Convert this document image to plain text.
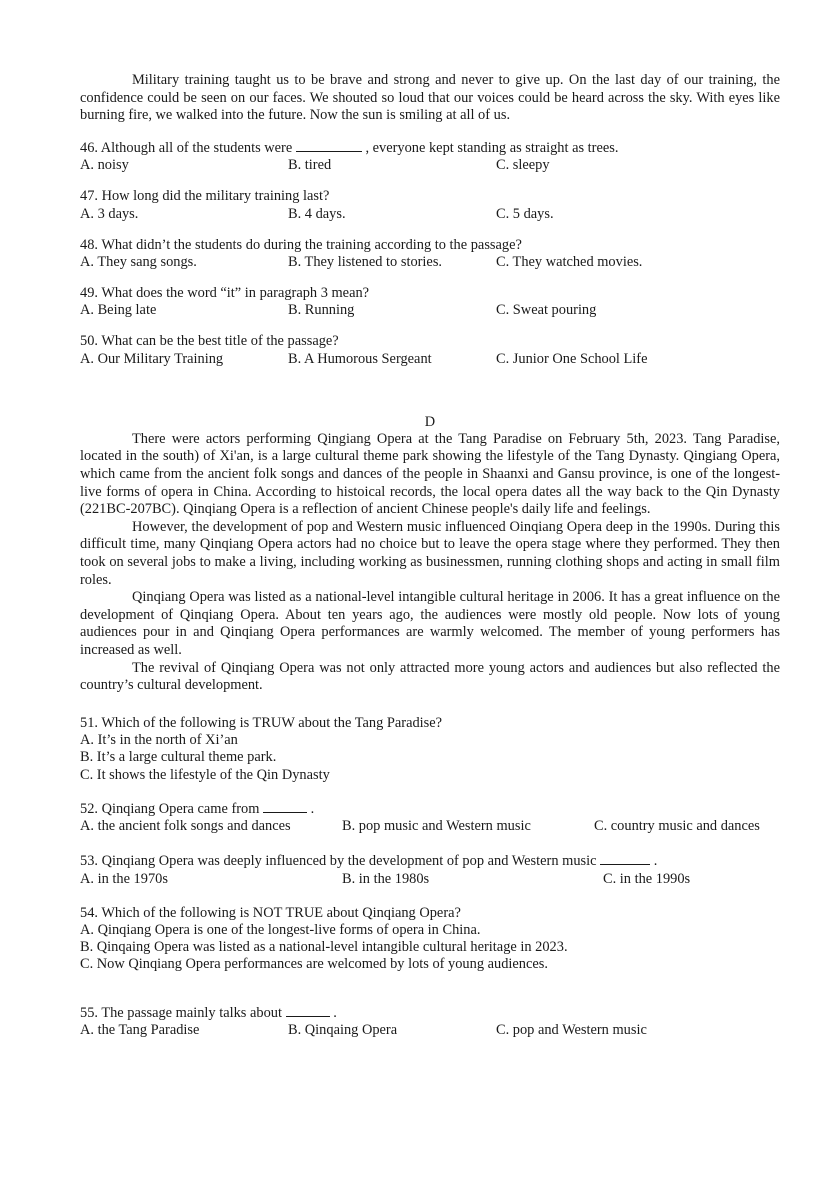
Military training taught us to be brave and strong and never to give up. On the last day of our training, the confidence could be seen on our faces. We shouted so loud that our voices could be heard across the sky. With eyes like burning fire, we walked into the future. Now the sun is smiling at all of us.

46. Although all of the students were	, everyone kept standing as straight as trees.
A. noisy	B. tired	C. sleepy
47. How long did the military training last?
A. 3 days.	B. 4 days.	C. 5 days.
48. What didn’t the students do during the training according to the passage?
A. They sang songs.	B. They listened to stories.	C. They watched movies.
49. What does the word “it” in paragraph 3 mean?
A. Being late	B. Running	C. Sweat pouring
50. What can be the best title of the passage?
A. Our Military Training	B. A Humorous Sergeant	C. Junior One School Life
D

There were actors performing Qingiang Opera at the Tang Paradise on February 5th, 2023. Tang Paradise, located in the south) of Xi'an, is a large cultural theme park showing the lifestyle of the Tang Dynasty. Qingiang Opera, which came from the ancient folk songs and dances of the people in Shaanxi and Gansu province, is one of the longest-live forms of opera in China. According to histoical records, the local opera dates all the way back to the Qin Dynasty (221BC-207BC). Qinqiang Opera is a reflection of ancient Chinese people's daily life and feelings.

However, the development of pop and Western music influenced Oinqiang Opera deep in the 1990s. During this difficult time, many Qinqiang Opera actors had no choice but to leave the opera stage where they performed. They then took on several jobs to make a living, including working as businessmen, running clothing shops and acting in small film roles.

Qinqiang Opera was listed as a national-level intangible cultural heritage in 2006. It has a great influence on the development of Qinqiang Opera. About ten years ago, the audiences were mostly old people. Now lots of young audiences pour in and Qinqiang Opera performances are warmly welcomed. The member of young performers has increased as well.

The revival of Qinqiang Opera was not only attracted more young actors and audiences but also reflected the country’s cultural development.

51. Which of the following is TRUW about the Tang Paradise?
A. It’s in the north of Xi’an
B. It’s a large cultural theme park.
C. It shows the lifestyle of the Qin Dynasty
52. Qinqiang Opera came from	.
A. the ancient folk songs and dances	B. pop music and Western music	C. country music and dances
53. Qinqiang Opera was deeply influenced by the development of pop and Western music	.
A. in the 1970s	B. in the 1980s	C. in the 1990s
54. Which of the following is NOT TRUE about Qinqiang Opera?
A. Qinqiang Opera is one of the longest-live forms of opera in China.
B. Qinqaing Opera was listed as a national-level intangible cultural heritage in 2023.
C. Now Qinqiang Opera performances are welcomed by lots of young audiences.
55. The passage mainly talks about	.
A. the Tang Paradise	B. Qinqaing Opera	C. pop and Western music
